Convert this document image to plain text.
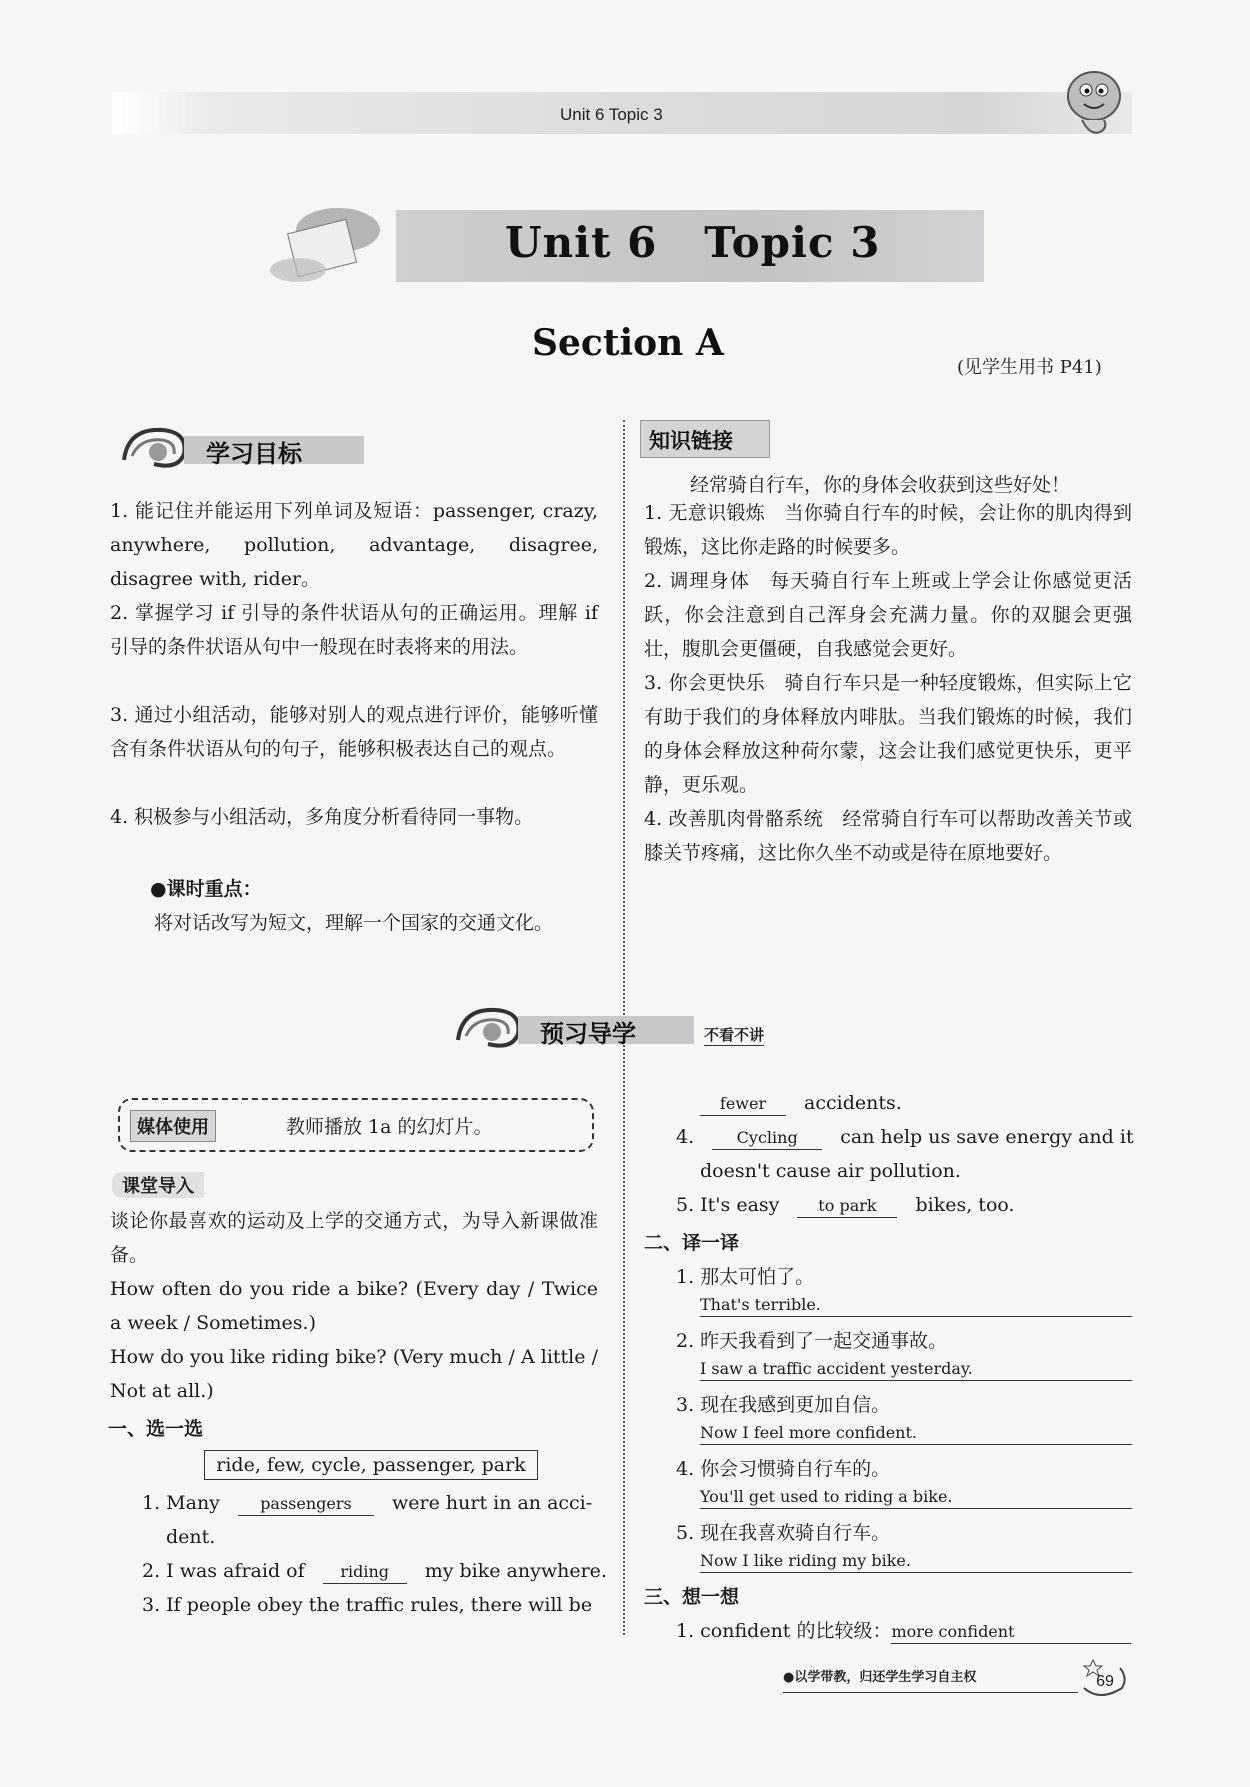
Unit 6 Topic 3
Unit 6   Topic 3
Section A
(见学生用书 P41)
学习目标
1. 能记住并能运用下列单词及短语：passenger, crazy, anywhere, pollution, advantage, disagree, disagree with, rider。
2. 掌握学习 if 引导的条件状语从句的正确运用。理解 if 引导的条件状语从句中一般现在时表将来的用法。
3. 通过小组活动，能够对别人的观点进行评价，能够听懂含有条件状语从句的句子，能够积极表达自己的观点。
4. 积极参与小组活动，多角度分析看待同一事物。
●课时重点：
将对话改写为短文，理解一个国家的交通文化。
预习导学	不看不讲
媒体使用	教师播放 1a 的幻灯片。
课堂导入
谈论你最喜欢的运动及上学的交通方式，为导入新课做准备。
How often do you ride a bike? (Every day / Twice a week / Sometimes.)
How do you like riding bike? (Very much / A little / Not at all.)
一、选一选
ride, few, cycle, passenger, park
1. Many	passengers were hurt in an acci-
dent.
2. I was afraid of riding my bike anywhere.
3. If people obey the traffic rules, there will be
知识链接
经常骑自行车，你的身体会收获到这些好处！
1. 无意识锻炼　当你骑自行车的时候，会让你的肌肉得到锻炼，这比你走路的时候要多。
2. 调理身体　每天骑自行车上班或上学会让你感觉更活跃，你会注意到自己浑身会充满力量。你的双腿会更强壮，腹肌会更僵硬，自我感觉会更好。
3. 你会更快乐　骑自行车只是一种轻度锻炼，但实际上它有助于我们的身体释放内啡肽。当我们锻炼的时候，我们的身体会释放这种荷尔蒙，这会让我们感觉更快乐，更平静，更乐观。
4. 改善肌肉骨骼系统　经常骑自行车可以帮助改善关节或膝关节疼痛，这比你久坐不动或是待在原地要好。
fewer accidents.
4.	Cycling can help us save energy and it
doesn't cause air pollution.
5. It's easy to park bikes, too.
二、译一译
1. 那太可怕了。
That's terrible.
2. 昨天我看到了一起交通事故。
I saw a traffic accident yesterday.
3. 现在我感到更加自信。
Now I feel more confident.
4. 你会习惯骑自行车的。
You'll get used to riding a bike.
5. 现在我喜欢骑自行车。
Now I like riding my bike.
三、想一想
1. confident 的比较级：more confident
●以学带教，归还学生学习自主权	69
